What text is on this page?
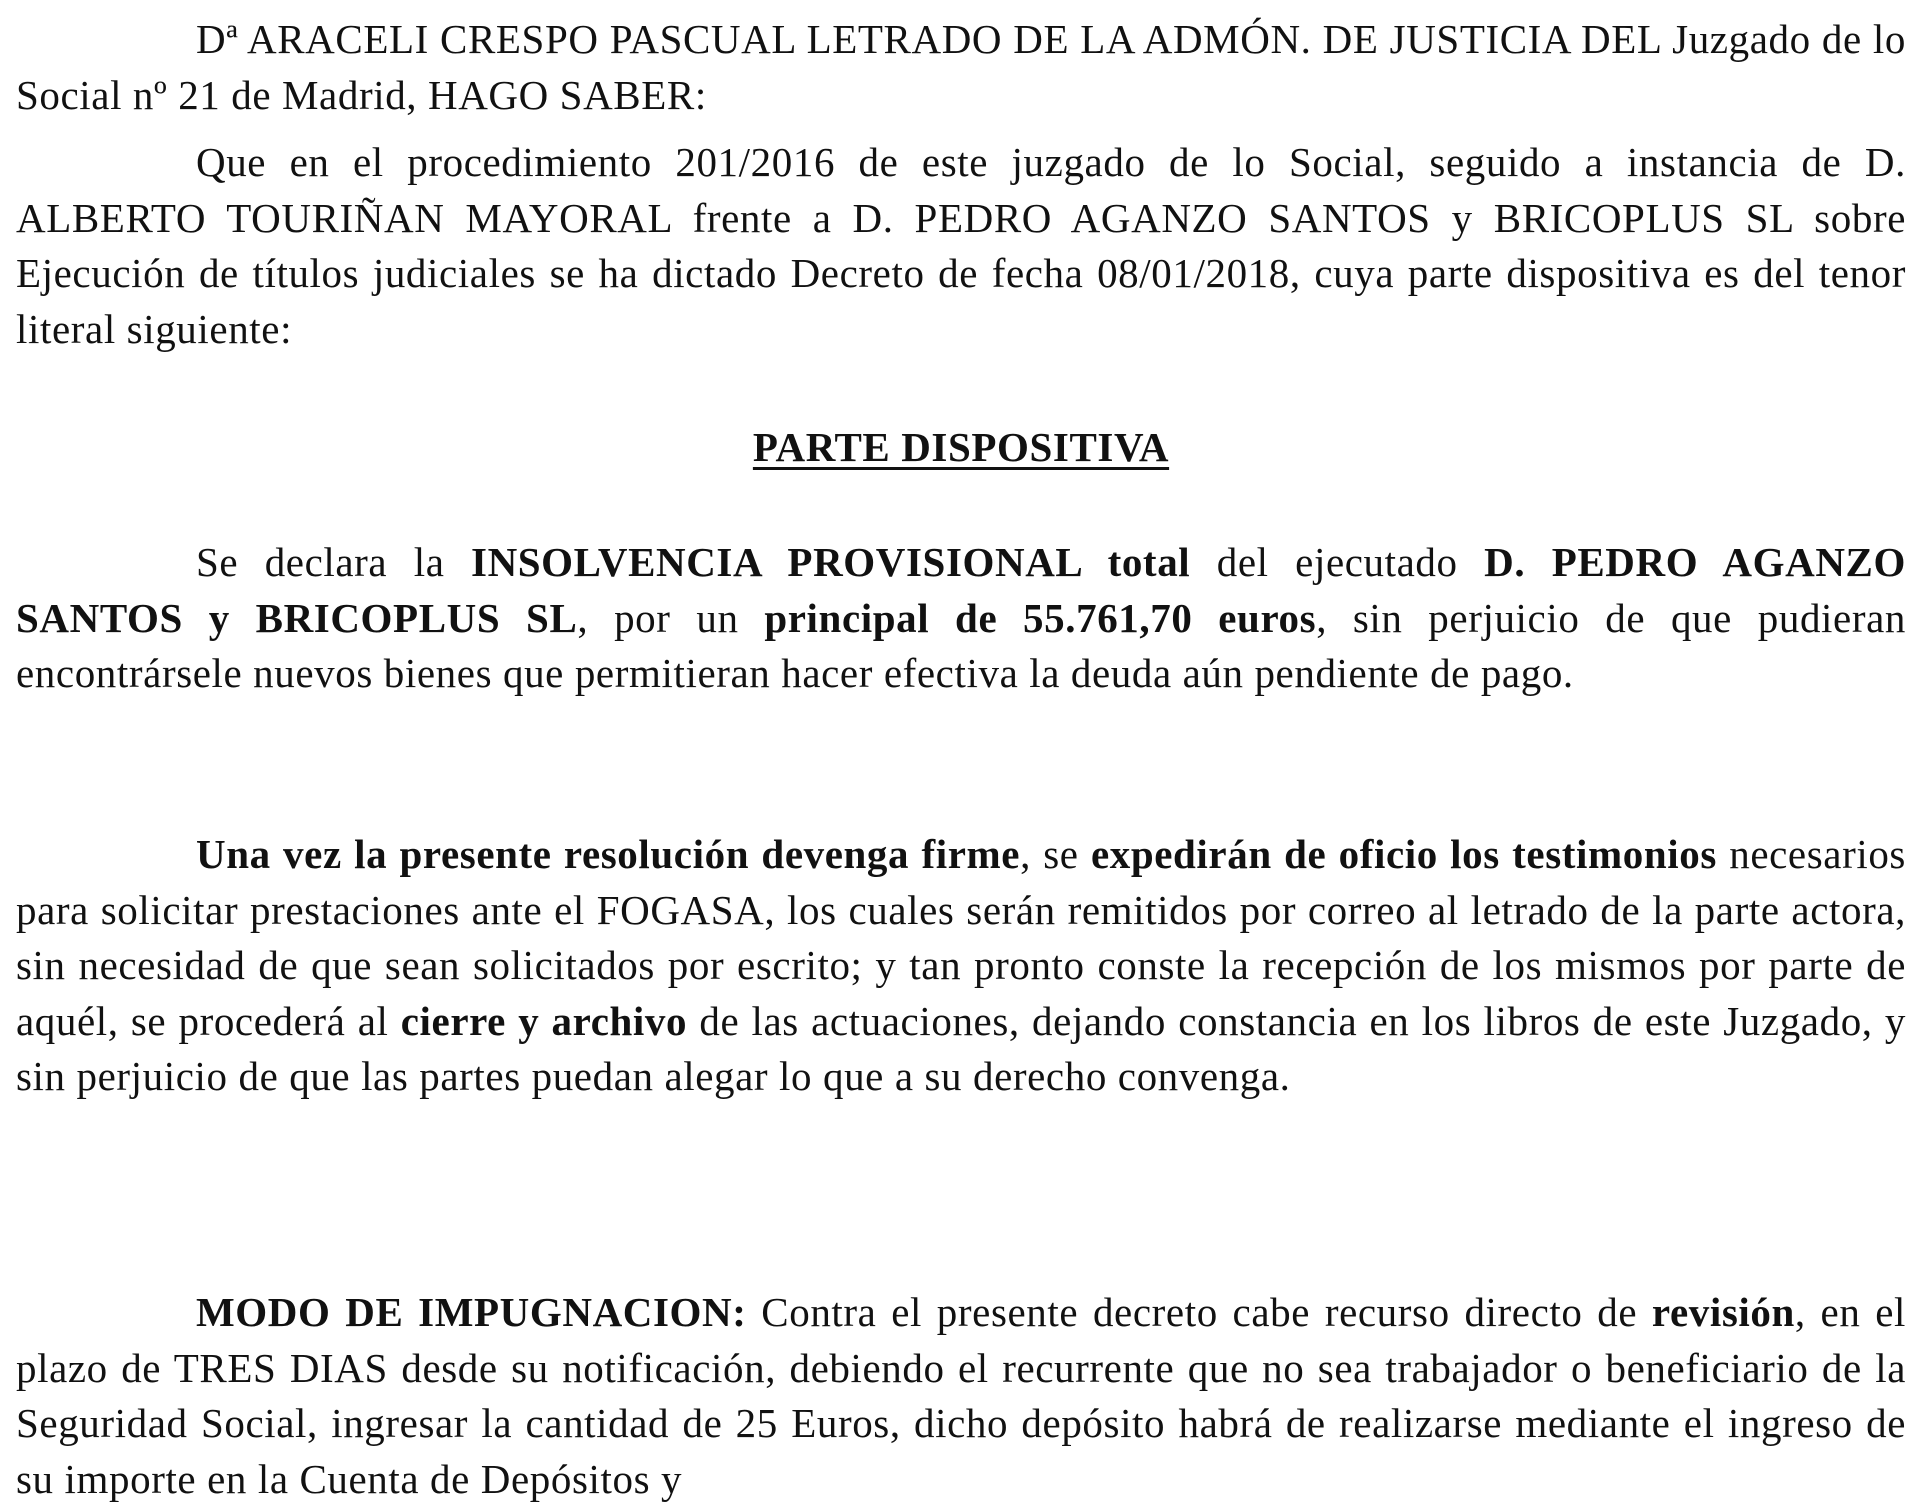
Dª ARACELI CRESPO PASCUAL LETRADO DE LA ADMÓN. DE JUSTICIA DEL Juzgado de lo Social nº 21 de Madrid, HAGO SABER:

Que en el procedimiento 201/2016 de este juzgado de lo Social, seguido a instancia de D. ALBERTO TOURIÑAN MAYORAL frente a D. PEDRO AGANZO SANTOS y BRICOPLUS SL sobre Ejecución de títulos judiciales se ha dictado Decreto de fecha 08/01/2018, cuya parte dispositiva es del tenor literal siguiente:

PARTE DISPOSITIVA

Se declara la INSOLVENCIA PROVISIONAL total del ejecutado D. PEDRO AGANZO SANTOS y BRICOPLUS SL, por un principal de 55.761,70 euros, sin perjuicio de que pudieran encontrársele nuevos bienes que permitieran hacer efectiva la deuda aún pendiente de pago.

Una vez la presente resolución devenga firme, se expedirán de oficio los testimonios necesarios para solicitar prestaciones ante el FOGASA, los cuales serán remitidos por correo al letrado de la parte actora, sin necesidad de que sean solicitados por escrito; y tan pronto conste la recepción de los mismos por parte de aquél, se procederá al cierre y archivo de las actuaciones, dejando constancia en los libros de este Juzgado, y sin perjuicio de que las partes puedan alegar lo que a su derecho convenga.

MODO DE IMPUGNACION: Contra el presente decreto cabe recurso directo de revisión, en el plazo de TRES DIAS desde su notificación, debiendo el recurrente que no sea trabajador o beneficiario de la Seguridad Social, ingresar la cantidad de 25 Euros, dicho depósito habrá de realizarse mediante el ingreso de su importe en la Cuenta de Depósitos y
